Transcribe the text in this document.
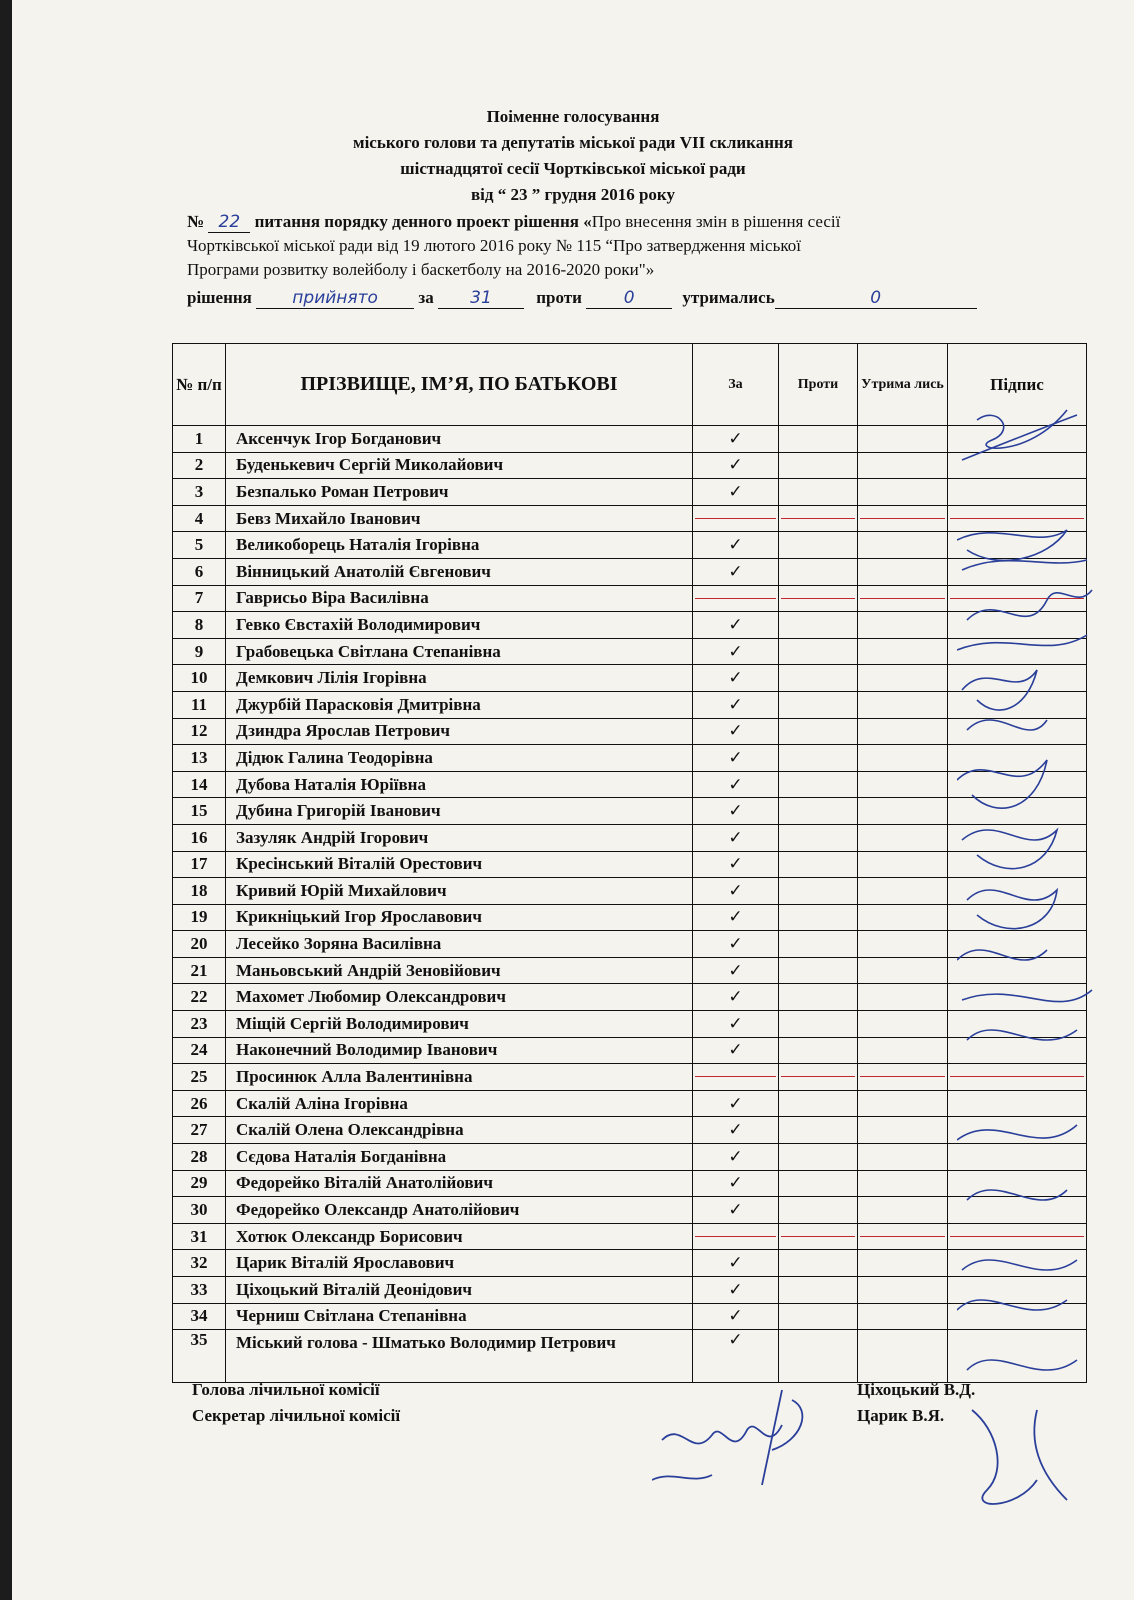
Поіменне голосування
міського голови та депутатів міської ради VII скликання
шістнадцятої сесії Чортківської міської ради
від “ 23 ” грудня 2016 року
№ 22 питання порядку денного проект рішення «Про внесення змін в рішення сесії
Чортківської міської ради від 19 лютого 2016 року № 115 “Про затвердження міської
Програми розвитку волейболу і баскетболу на 2016-2020 роки"»
рішення прийнято за 31	проти 0	утримались	0
№ п/п	ПРІЗВИЩЕ, ІМ’Я, ПО БАТЬКОВІ	За	Проти	Утрима лись	Підпис
1	Аксенчук Ігор Богданович	✓			
2	Буденькевич Сергій Миколайович	✓			
3	Безпалько Роман Петрович	✓			
4	Бевз Михайло Іванович				
5	Великоборець Наталія Ігорівна	✓			
6	Вінницький Анатолій Євгенович	✓			
7	Гаврисьо Віра Василівна				
8	Гевко Євстахій Володимирович	✓			
9	Грабовецька Світлана Степанівна	✓			
10	Демкович Лілія Ігорівна	✓			
11	Джурбій Парасковія Дмитрівна	✓			
12	Дзиндра Ярослав Петрович	✓			
13	Дідюк Галина Теодорівна	✓			
14	Дубова Наталія Юріївна	✓			
15	Дубина Григорій Іванович	✓			
16	Зазуляк Андрій Ігорович	✓			
17	Кресінський Віталій Орестович	✓			
18	Кривий Юрій Михайлович	✓			
19	Крикніцький Ігор Ярославович	✓			
20	Лесейко Зоряна Василівна	✓			
21	Маньовський Андрій Зеновійович	✓			
22	Махомет Любомир Олександрович	✓			
23	Міщій Сергій Володимирович	✓			
24	Наконечний Володимир Іванович	✓			
25	Просинюк Алла Валентинівна				
26	Скалій Аліна Ігорівна	✓			
27	Скалій Олена Олександрівна	✓			
28	Сєдова Наталія Богданівна	✓			
29	Федорейко Віталій Анатолійович	✓			
30	Федорейко Олександр Анатолійович	✓			
31	Хотюк Олександр Борисович				
32	Царик Віталій Ярославович	✓			
33	Ціхоцький Віталій Деонідович	✓			
34	Черниш Світлана Степанівна	✓			
35	Міський голова - Шматько Володимир Петрович	✓			
Голова лічильної комісії	Ціхоцький В.Д.
Секретар лічильної комісії	Царик В.Я.
